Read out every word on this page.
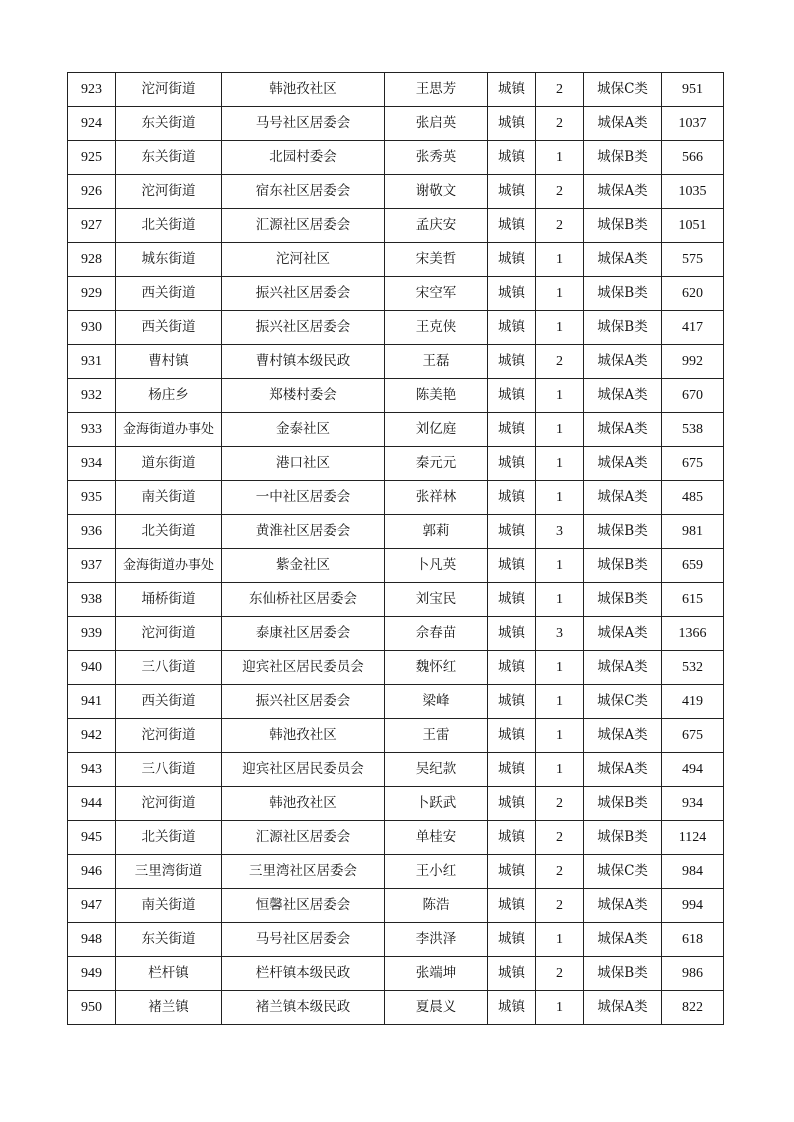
923	沱河街道	韩池孜社区	王思芳	城镇	2	城保C类	951
924	东关街道	马号社区居委会	张启英	城镇	2	城保A类	1037
925	东关街道	北园村委会	张秀英	城镇	1	城保B类	566
926	沱河街道	宿东社区居委会	谢敬文	城镇	2	城保A类	1035
927	北关街道	汇源社区居委会	孟庆安	城镇	2	城保B类	1051
928	城东街道	沱河社区	宋美哲	城镇	1	城保A类	575
929	西关街道	振兴社区居委会	宋空军	城镇	1	城保B类	620
930	西关街道	振兴社区居委会	王克侠	城镇	1	城保B类	417
931	曹村镇	曹村镇本级民政	王磊	城镇	2	城保A类	992
932	杨庄乡	郑楼村委会	陈美艳	城镇	1	城保A类	670
933	金海街道办事处	金泰社区	刘亿庭	城镇	1	城保A类	538
934	道东街道	港口社区	秦元元	城镇	1	城保A类	675
935	南关街道	一中社区居委会	张祥林	城镇	1	城保A类	485
936	北关街道	黄淮社区居委会	郭莉	城镇	3	城保B类	981
937	金海街道办事处	紫金社区	卜凡英	城镇	1	城保B类	659
938	埇桥街道	东仙桥社区居委会	刘宝民	城镇	1	城保B类	615
939	沱河街道	泰康社区居委会	佘春苗	城镇	3	城保A类	1366
940	三八街道	迎宾社区居民委员会	魏怀红	城镇	1	城保A类	532
941	西关街道	振兴社区居委会	梁峰	城镇	1	城保C类	419
942	沱河街道	韩池孜社区	王雷	城镇	1	城保A类	675
943	三八街道	迎宾社区居民委员会	吴纪款	城镇	1	城保A类	494
944	沱河街道	韩池孜社区	卜跃武	城镇	2	城保B类	934
945	北关街道	汇源社区居委会	单桂安	城镇	2	城保B类	1124
946	三里湾街道	三里湾社区居委会	王小红	城镇	2	城保C类	984
947	南关街道	恒馨社区居委会	陈浩	城镇	2	城保A类	994
948	东关街道	马号社区居委会	李洪泽	城镇	1	城保A类	618
949	栏杆镇	栏杆镇本级民政	张端坤	城镇	2	城保B类	986
950	褚兰镇	褚兰镇本级民政	夏晨义	城镇	1	城保A类	822
